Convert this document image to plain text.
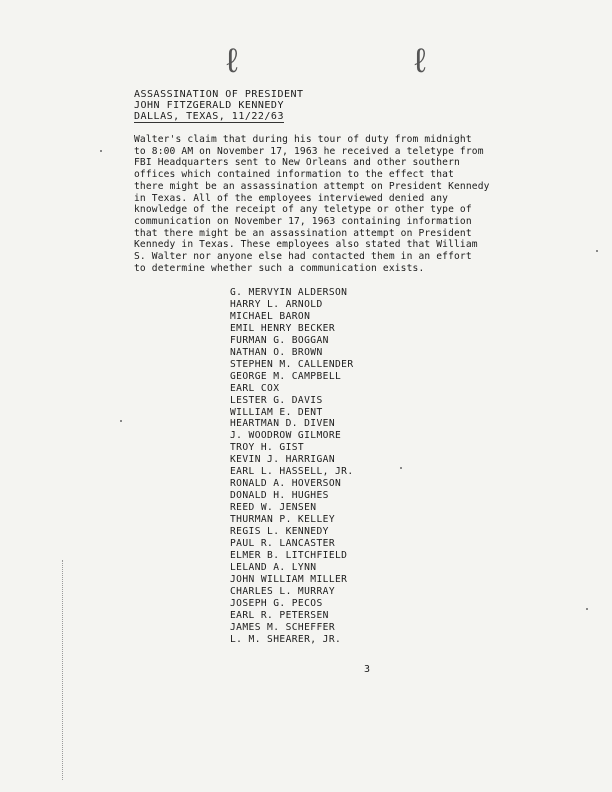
ℓ	ℓ
ASSASSINATION OF PRESIDENT
JOHN FITZGERALD KENNEDY
DALLAS, TEXAS, 11/22/63
Walter's claim that during his tour of duty from midnight
to 8:00 AM on November 17, 1963 he received a teletype from
FBI Headquarters sent to New Orleans and other southern
offices which contained information to the effect that
there might be an assassination attempt on President Kennedy
in Texas. All of the employees interviewed denied any
knowledge of the receipt of any teletype or other type of
communication on November 17, 1963 containing information
that there might be an assassination attempt on President
Kennedy in Texas. These employees also stated that William
S. Walter nor anyone else had contacted them in an effort
to determine whether such a communication exists.
G. MERVYIN ALDERSON
HARRY L. ARNOLD
MICHAEL BARON
EMIL HENRY BECKER
FURMAN G. BOGGAN
NATHAN O. BROWN
STEPHEN M. CALLENDER
GEORGE M. CAMPBELL
EARL COX
LESTER G. DAVIS
WILLIAM E. DENT
HEARTMAN D. DIVEN
J. WOODROW GILMORE
TROY H. GIST
KEVIN J. HARRIGAN
EARL L. HASSELL, JR.
RONALD A. HOVERSON
DONALD H. HUGHES
REED W. JENSEN
THURMAN P. KELLEY
REGIS L. KENNEDY
PAUL R. LANCASTER
ELMER B. LITCHFIELD
LELAND A. LYNN
JOHN WILLIAM MILLER
CHARLES L. MURRAY
JOSEPH G. PECOS
EARL R. PETERSEN
JAMES M. SCHEFFER
L. M. SHEARER, JR.
3
